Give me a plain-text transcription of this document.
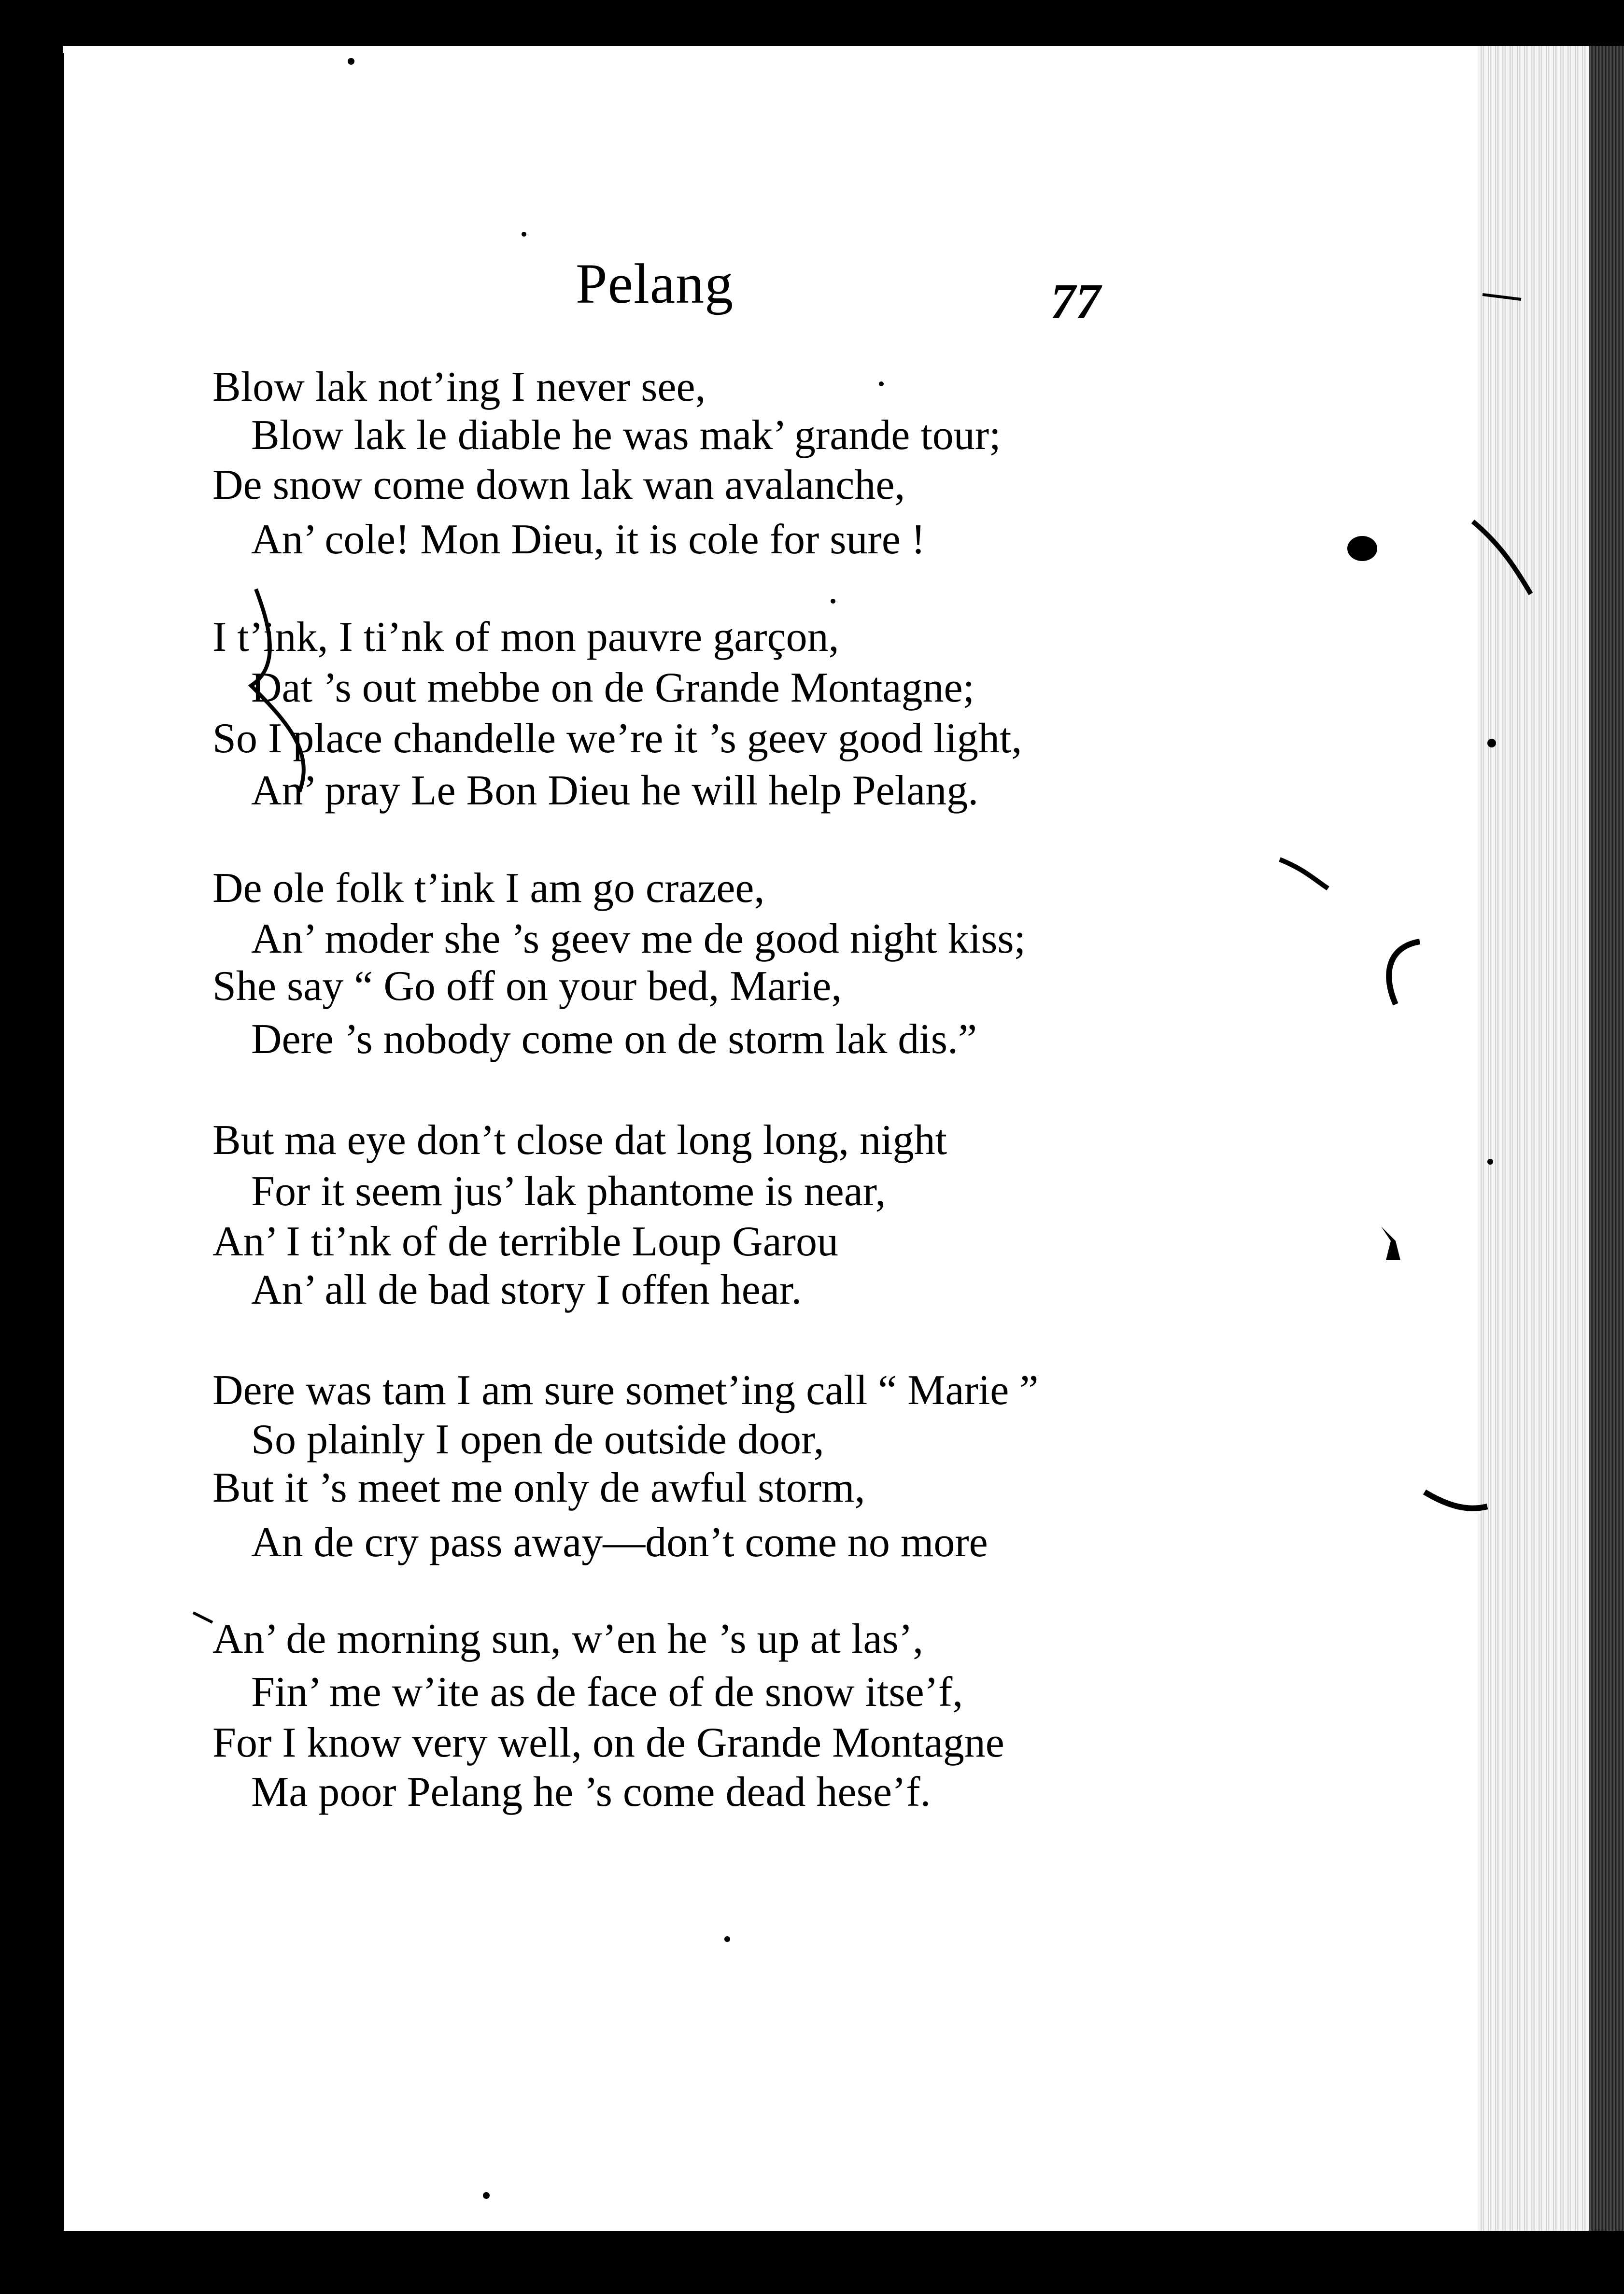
Pelang	77
Blow lak not’ing I never see,
Blow lak le diable he was mak’ grande tour;
De snow come down lak wan avalanche,
An’ cole! Mon Dieu, it is cole for sure !
I t’ink, I ti’nk of mon pauvre garçon,
Dat ’s out mebbe on de Grande Montagne;
So I place chandelle we’re it ’s geev good light,
An’ pray Le Bon Dieu he will help Pelang.
De ole folk t’ink I am go crazee,
An’ moder she ’s geev me de good night kiss;
She say “ Go off on your bed, Marie,
Dere ’s nobody come on de storm lak dis.”
But ma eye don’t close dat long long, night
For it seem jus’ lak phantome is near,
An’ I ti’nk of de terrible Loup Garou
An’ all de bad story I offen hear.
Dere was tam I am sure somet’ing call “ Marie ”
So plainly I open de outside door,
But it ’s meet me only de awful storm,
An de cry pass away—don’t come no more
An’ de morning sun, w’en he ’s up at las’,
Fin’ me w’ite as de face of de snow itse’f,
For I know very well, on de Grande Montagne
Ma poor Pelang he ’s come dead hese’f.
